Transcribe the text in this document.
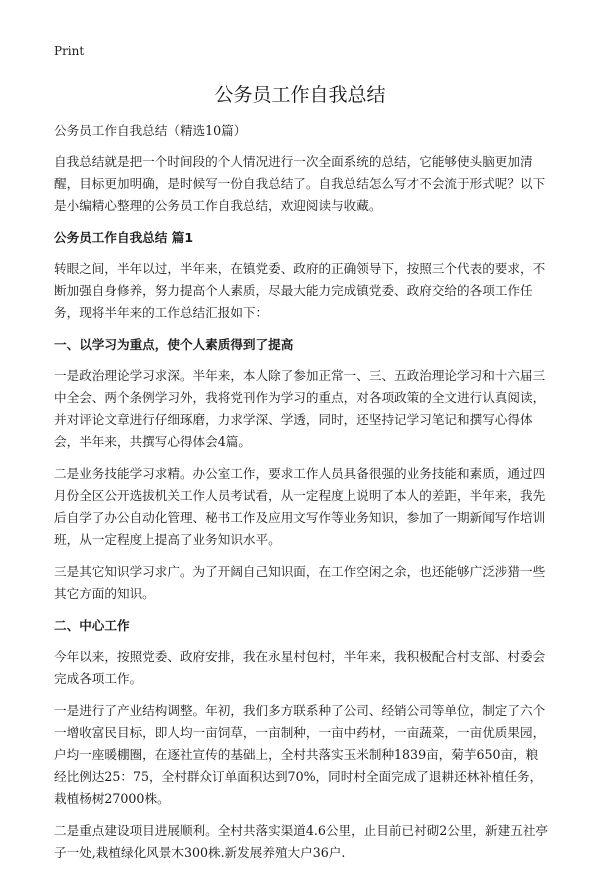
Print
公务员工作自我总结

公务员工作自我总结（精选10篇）

自我总结就是把一个时间段的个人情况进行一次全面系统的总结，它能够使头脑更加清醒，目标更加明确，是时候写一份自我总结了。自我总结怎么写才不会流于形式呢？以下是小编精心整理的公务员工作自我总结，欢迎阅读与收藏。

公务员工作自我总结 篇1

转眼之间，半年以过，半年来，在镇党委、政府的正确领导下，按照三个代表的要求，不断加强自身修养，努力提高个人素质，尽最大能力完成镇党委、政府交给的各项工作任务，现将半年来的工作总结汇报如下：

一、以学习为重点，使个人素质得到了提高

一是政治理论学习求深。半年来，本人除了参加正常一、三、五政治理论学习和十六届三中全会、两个条例学习外，我将党刊作为学习的重点，对各项政策的全文进行认真阅读，并对评论文章进行仔细琢磨，力求学深、学透，同时，还坚持记学习笔记和撰写心得体会，半年来，共撰写心得体会4篇。

二是业务技能学习求精。办公室工作，要求工作人员具备很强的业务技能和素质，通过四月份全区公开选拔机关工作人员考试看，从一定程度上说明了本人的差距，半年来，我先后自学了办公自动化管理、秘书工作及应用文写作等业务知识，参加了一期新闻写作培训班，从一定程度上提高了业务知识水平。

三是其它知识学习求广。为了开阔自己知识面，在工作空闲之余，也还能够广泛涉猎一些其它方面的知识。

二、中心工作

今年以来，按照党委、政府安排，我在永星村包村，半年来，我积极配合村支部、村委会完成各项工作。

一是进行了产业结构调整。年初，我们多方联系种了公司、经销公司等单位，制定了六个一增收富民目标，即人均一亩饲草，一亩制种，一亩中药材，一亩蔬菜，一亩优质果园，户均一座暖棚圈，在逐社宣传的基础上，全村共落实玉米制种1839亩，菊芋650亩，粮经比例达25：75，全村群众订单面积达到70%，同时村全面完成了退耕还林补植任务，栽植杨树27000株。

二是重点建设项目进展顺利。全村共落实渠道4.6公里，止目前已衬砌2公里，新建五社亭子一处,栽植绿化风景木300株.新发展养殖大户36户.
